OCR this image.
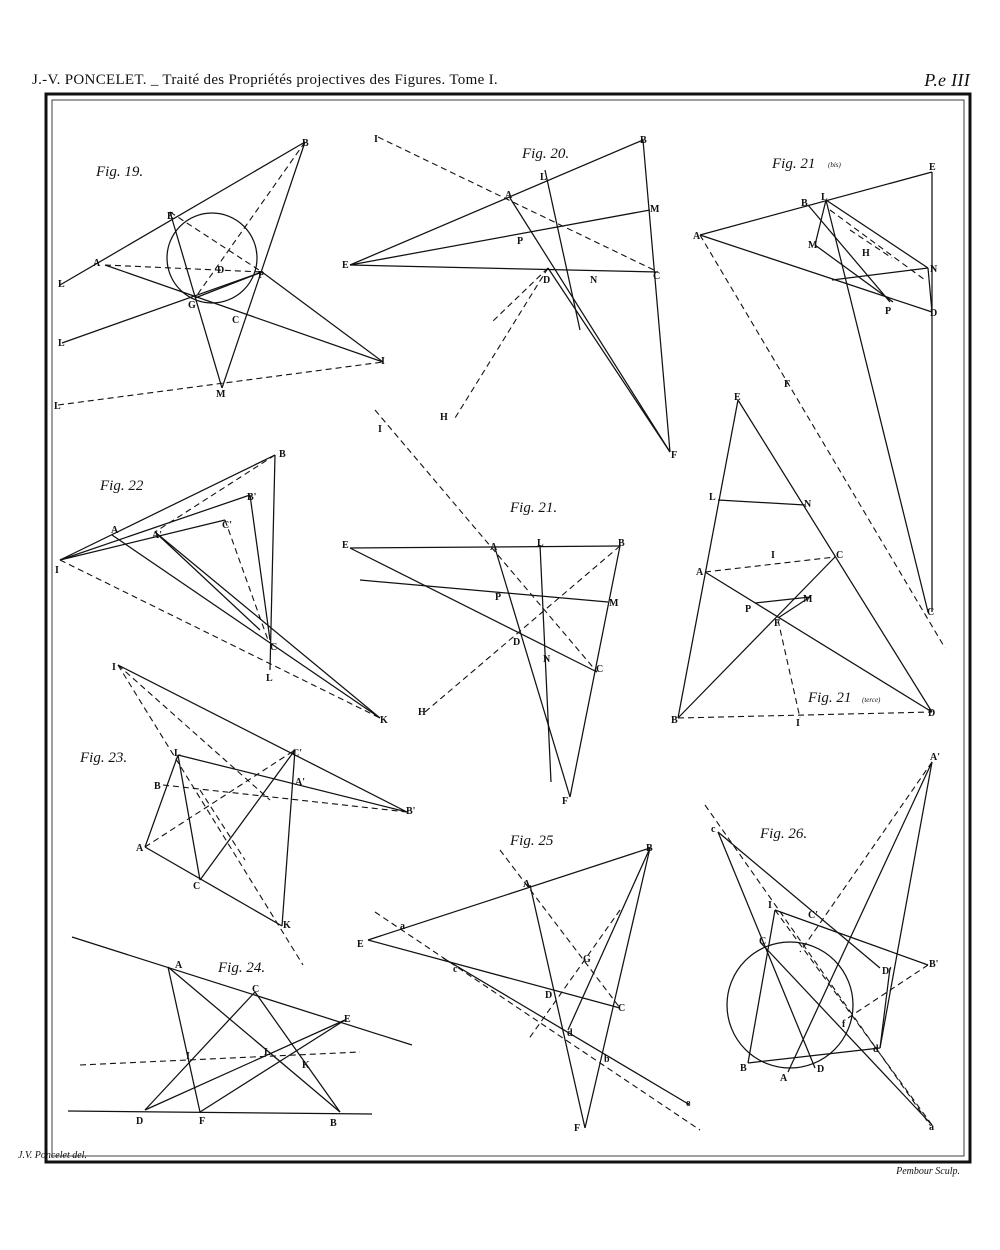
J.-V. PONCELET. _ Traité des Propriétés projectives des Figures. Tome I.	P.e III
Fig. 19.
B
E
A
D	P
G
C
L
L
L
M
I
Fig. 20.
I	B
L
A
M
P
E
D	N	C
H
F
Fig. 21 (bis)	E
B
L
A
M
H
N
P	D
F
C
Fig. 22
B
B'
A	A'
C'
I
C
L
K
Fig. 21.
I
E	A	L	B
P
M
D
N
C
H
F
Fig. 21 (terce)
E
L
N
A
I	C
P
M
F
B	I
D
Fig. 23.
I
L	C'
B	A'
K
A
C
B'
Fig. 24.
A
C
E
I	L
K
D	F	B
Fig. 25	B
A
a
E
c
G
D
d
C
b
F
e
Fig. 26.
A'
c
I
C'
C
B'
D'
f
d
B	D
A
a
J.V. Poncelet del.
Pembour Sculp.
